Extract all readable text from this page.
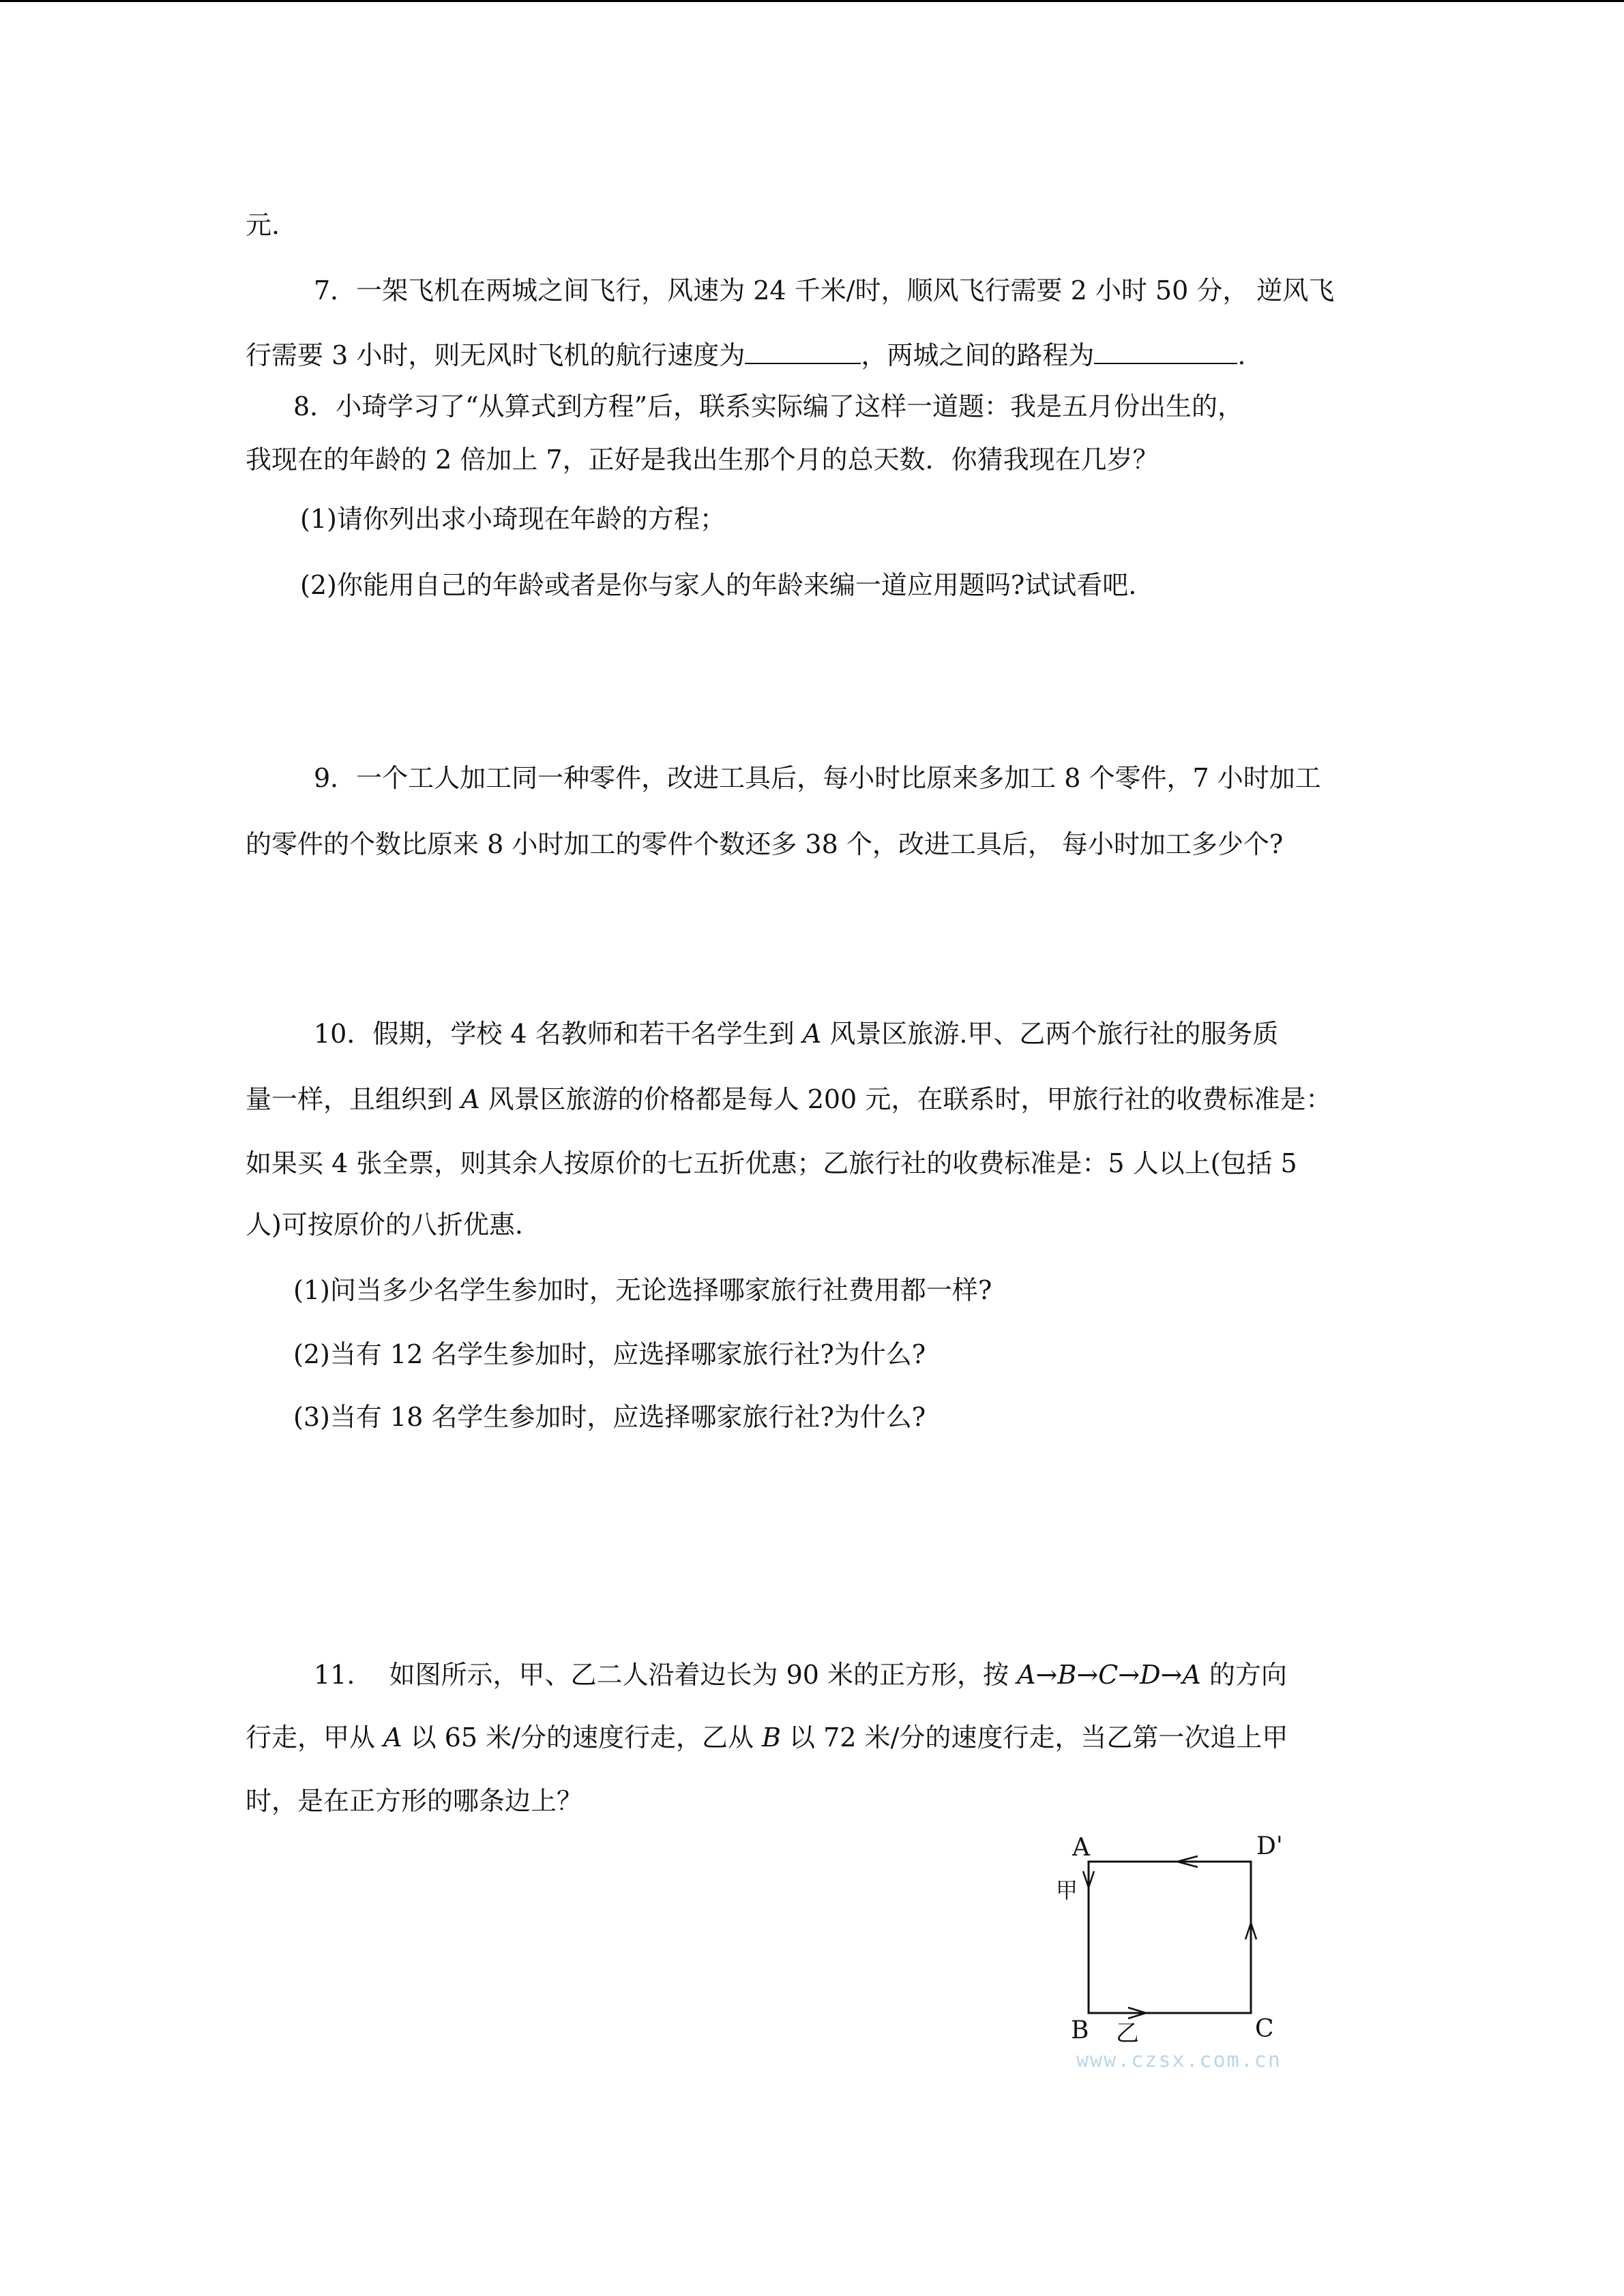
元.
7．一架飞机在两城之间飞行，风速为 24 千米/时，顺风飞行需要 2 小时 50 分， 逆风飞
行需要 3 小时，则无风时飞机的航行速度为	，两城之间的路程为	.
8．小琦学习了“从算式到方程”后，联系实际编了这样一道题：我是五月份出生的，
我现在的年龄的 2 倍加上 7，正好是我出生那个月的总天数．你猜我现在几岁？
(1)请你列出求小琦现在年龄的方程；
(2)你能用自己的年龄或者是你与家人的年龄来编一道应用题吗?试试看吧.
9．一个工人加工同一种零件，改进工具后，每小时比原来多加工 8 个零件，7 小时加工
的零件的个数比原来 8 小时加工的零件个数还多 38 个，改进工具后， 每小时加工多少个?
10．假期，学校 4 名教师和若干名学生到 A 风景区旅游.甲、乙两个旅行社的服务质
量一样，且组织到 A 风景区旅游的价格都是每人 200 元，在联系时，甲旅行社的收费标准是：
如果买 4 张全票，则其余人按原价的七五折优惠；乙旅行社的收费标准是：5 人以上(包括 5
人)可按原价的八折优惠.
(1)问当多少名学生参加时，无论选择哪家旅行社费用都一样?
(2)当有 12 名学生参加时，应选择哪家旅行社?为什么?
(3)当有 18 名学生参加时，应选择哪家旅行社?为什么?
11.　 如图所示，甲、乙二人沿着边长为 90 米的正方形，按 A→B→C→D→A 的方向
行走，甲从 A 以 65 米/分的速度行走，乙从 B 以 72 米/分的速度行走，当乙第一次追上甲
时，是在正方形的哪条边上？
A	D'
甲
B 乙	C
www.czsx.com.cn
